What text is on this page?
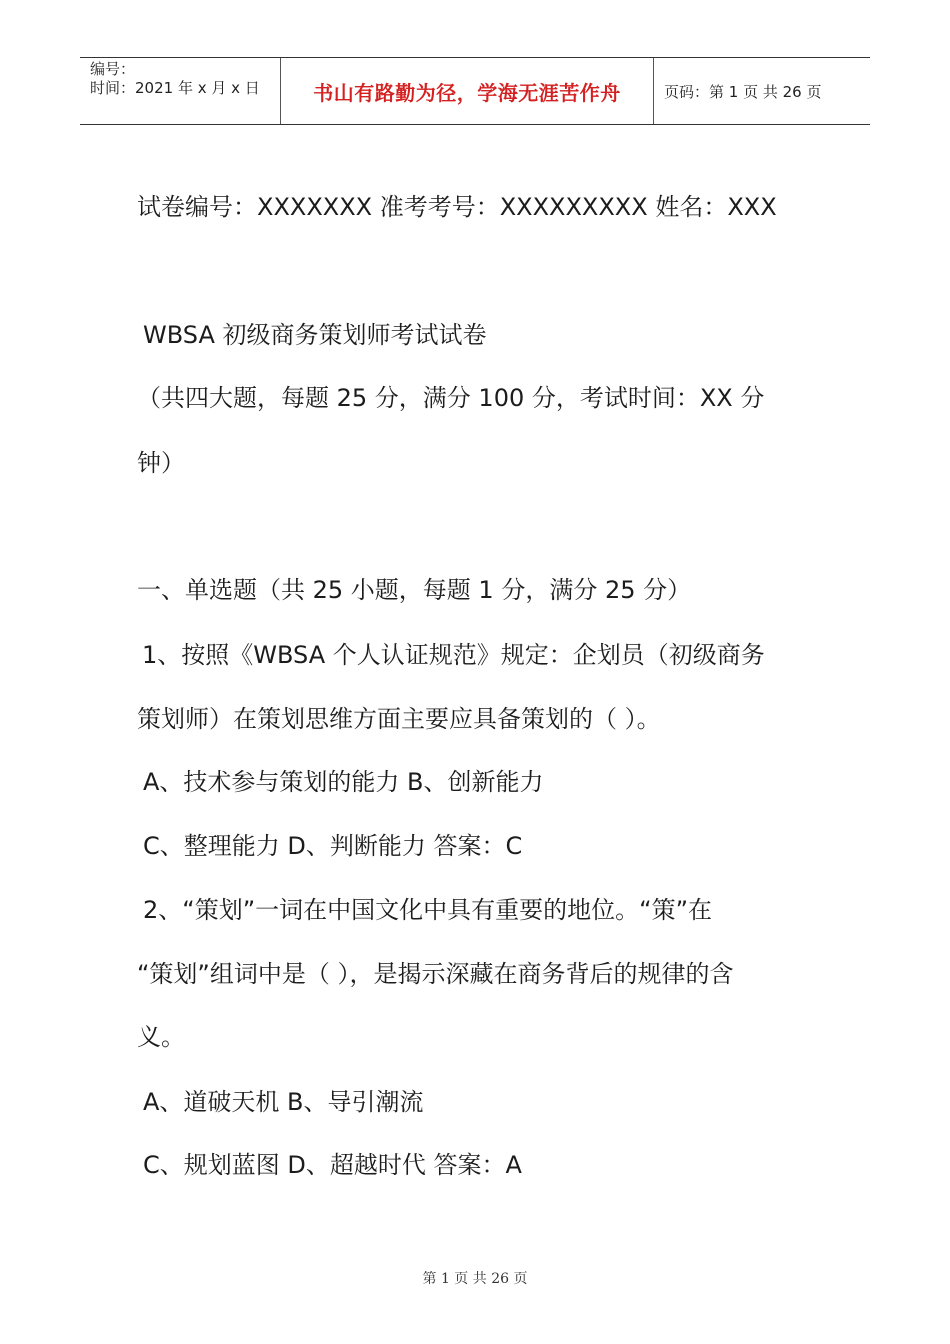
编号：
时间：2021 年 x 月 x 日	书山有路勤为径，学海无涯苦作舟	页码：第 1 页 共 26 页
试卷编号：XXXXXXX 准考考号：XXXXXXXXX 姓名：XXX
WBSA 初级商务策划师考试试卷
（共四大题，每题 25 分，满分 100 分，考试时间：XX 分
钟）
一、单选题（共 25 小题，每题 1 分，满分 25 分）
1、按照《WBSA 个人认证规范》规定：企划员（初级商务
策划师）在策划思维方面主要应具备策划的（ ）。
A、技术参与策划的能力 B、创新能力
C、整理能力 D、判断能力 答案：C
2、“策划”一词在中国文化中具有重要的地位。“策”在
“策划”组词中是（ ），是揭示深藏在商务背后的规律的含
义。
A、道破天机 B、导引潮流
C、规划蓝图 D、超越时代 答案：A
第 1 页 共 26 页
